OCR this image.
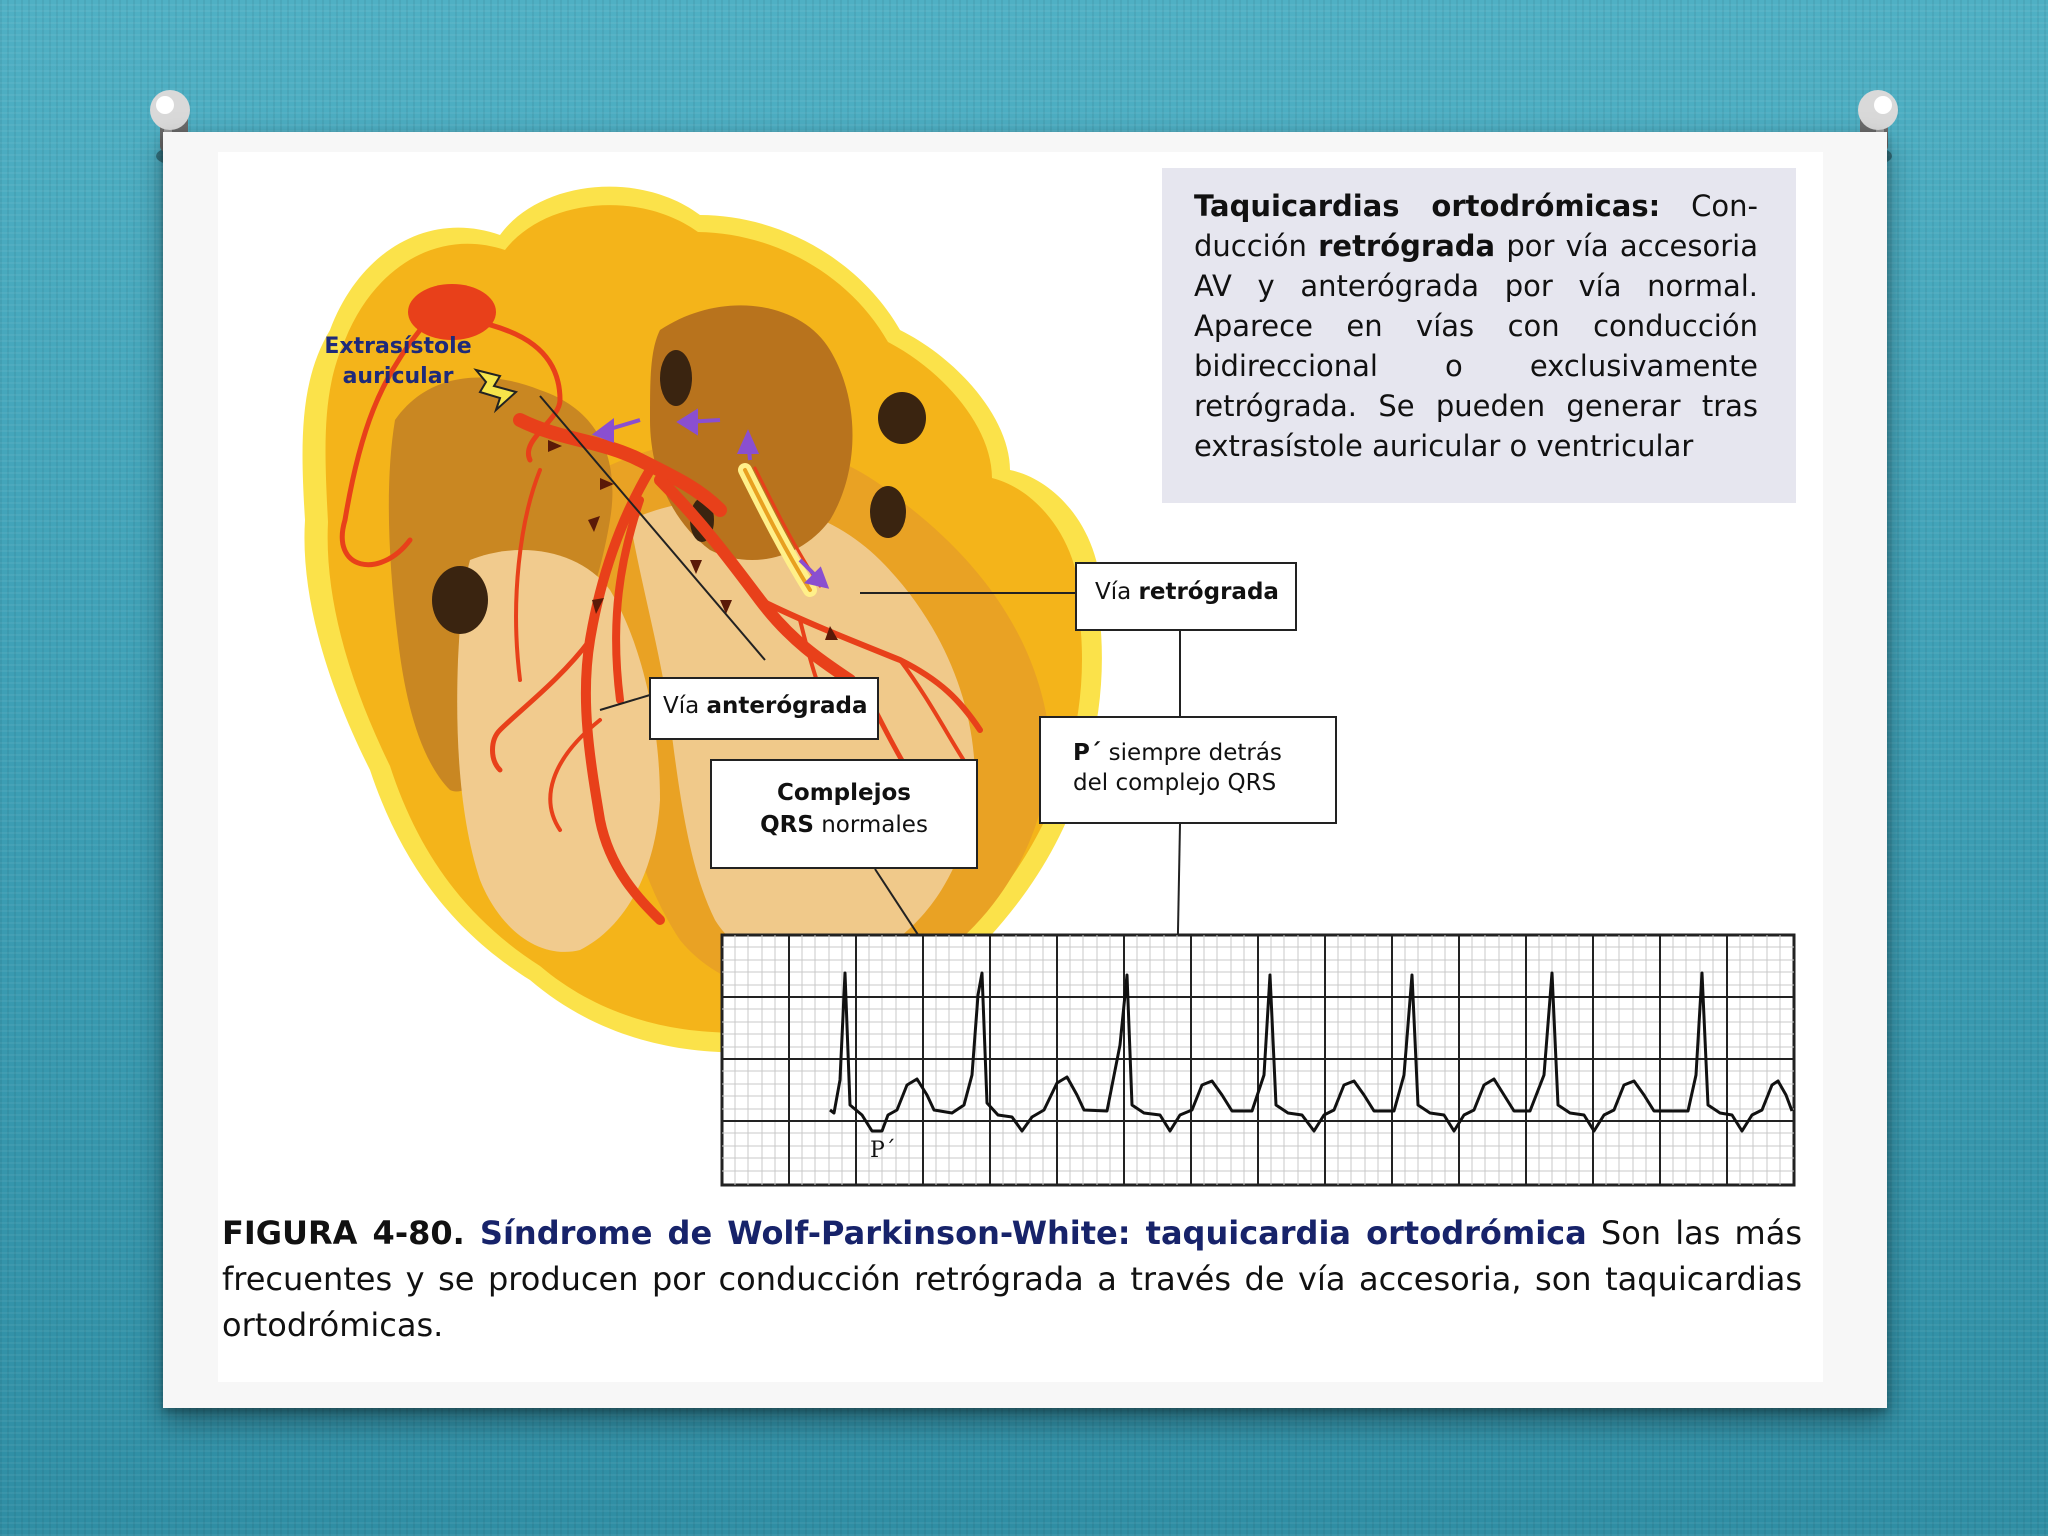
Taquicardias ortodrómicas: Con-ducción retrógrada por vía accesoria AV y anterógrada por vía normal. Aparece en vías con conducción bidireccional o exclusivamente retrógrada. Se pueden generar tras extrasístole auricular o ventricular
Extrasístole
auricular
Vía retrógrada
Vía anterógrada
Complejos
QRS normales
P´ siempre detrás del complejo QRS
P´
FIGURA 4-80. Síndrome de Wolf-Parkinson-White: taquicardia ortodrómica Son las más frecuentes y se producen por conducción retrógrada a través de vía accesoria, son taquicardias ortodrómicas.
